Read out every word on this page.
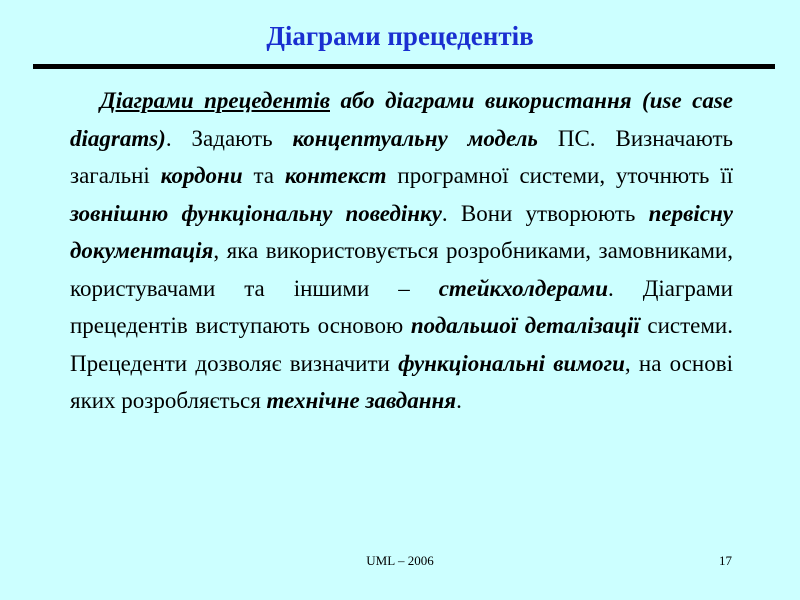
Діаграми прецедентів

Діаграми прецедентів або діаграми використання (use case diagrams). Задають концептуальну модель ПС. Визначають загальні кордони та контекст програмної системи, уточнють її зовнішню функціональну поведінку. Вони утворюють первісну документація, яка використовується розробниками, замовниками, користувачами та іншими – стейкхолдерами. Діаграми прецедентів виступають основою подальшої деталізації системи. Прецеденти дозволяє визначити функціональні вимоги, на основі яких розробляється технічне завдання.

UML – 2006	17
